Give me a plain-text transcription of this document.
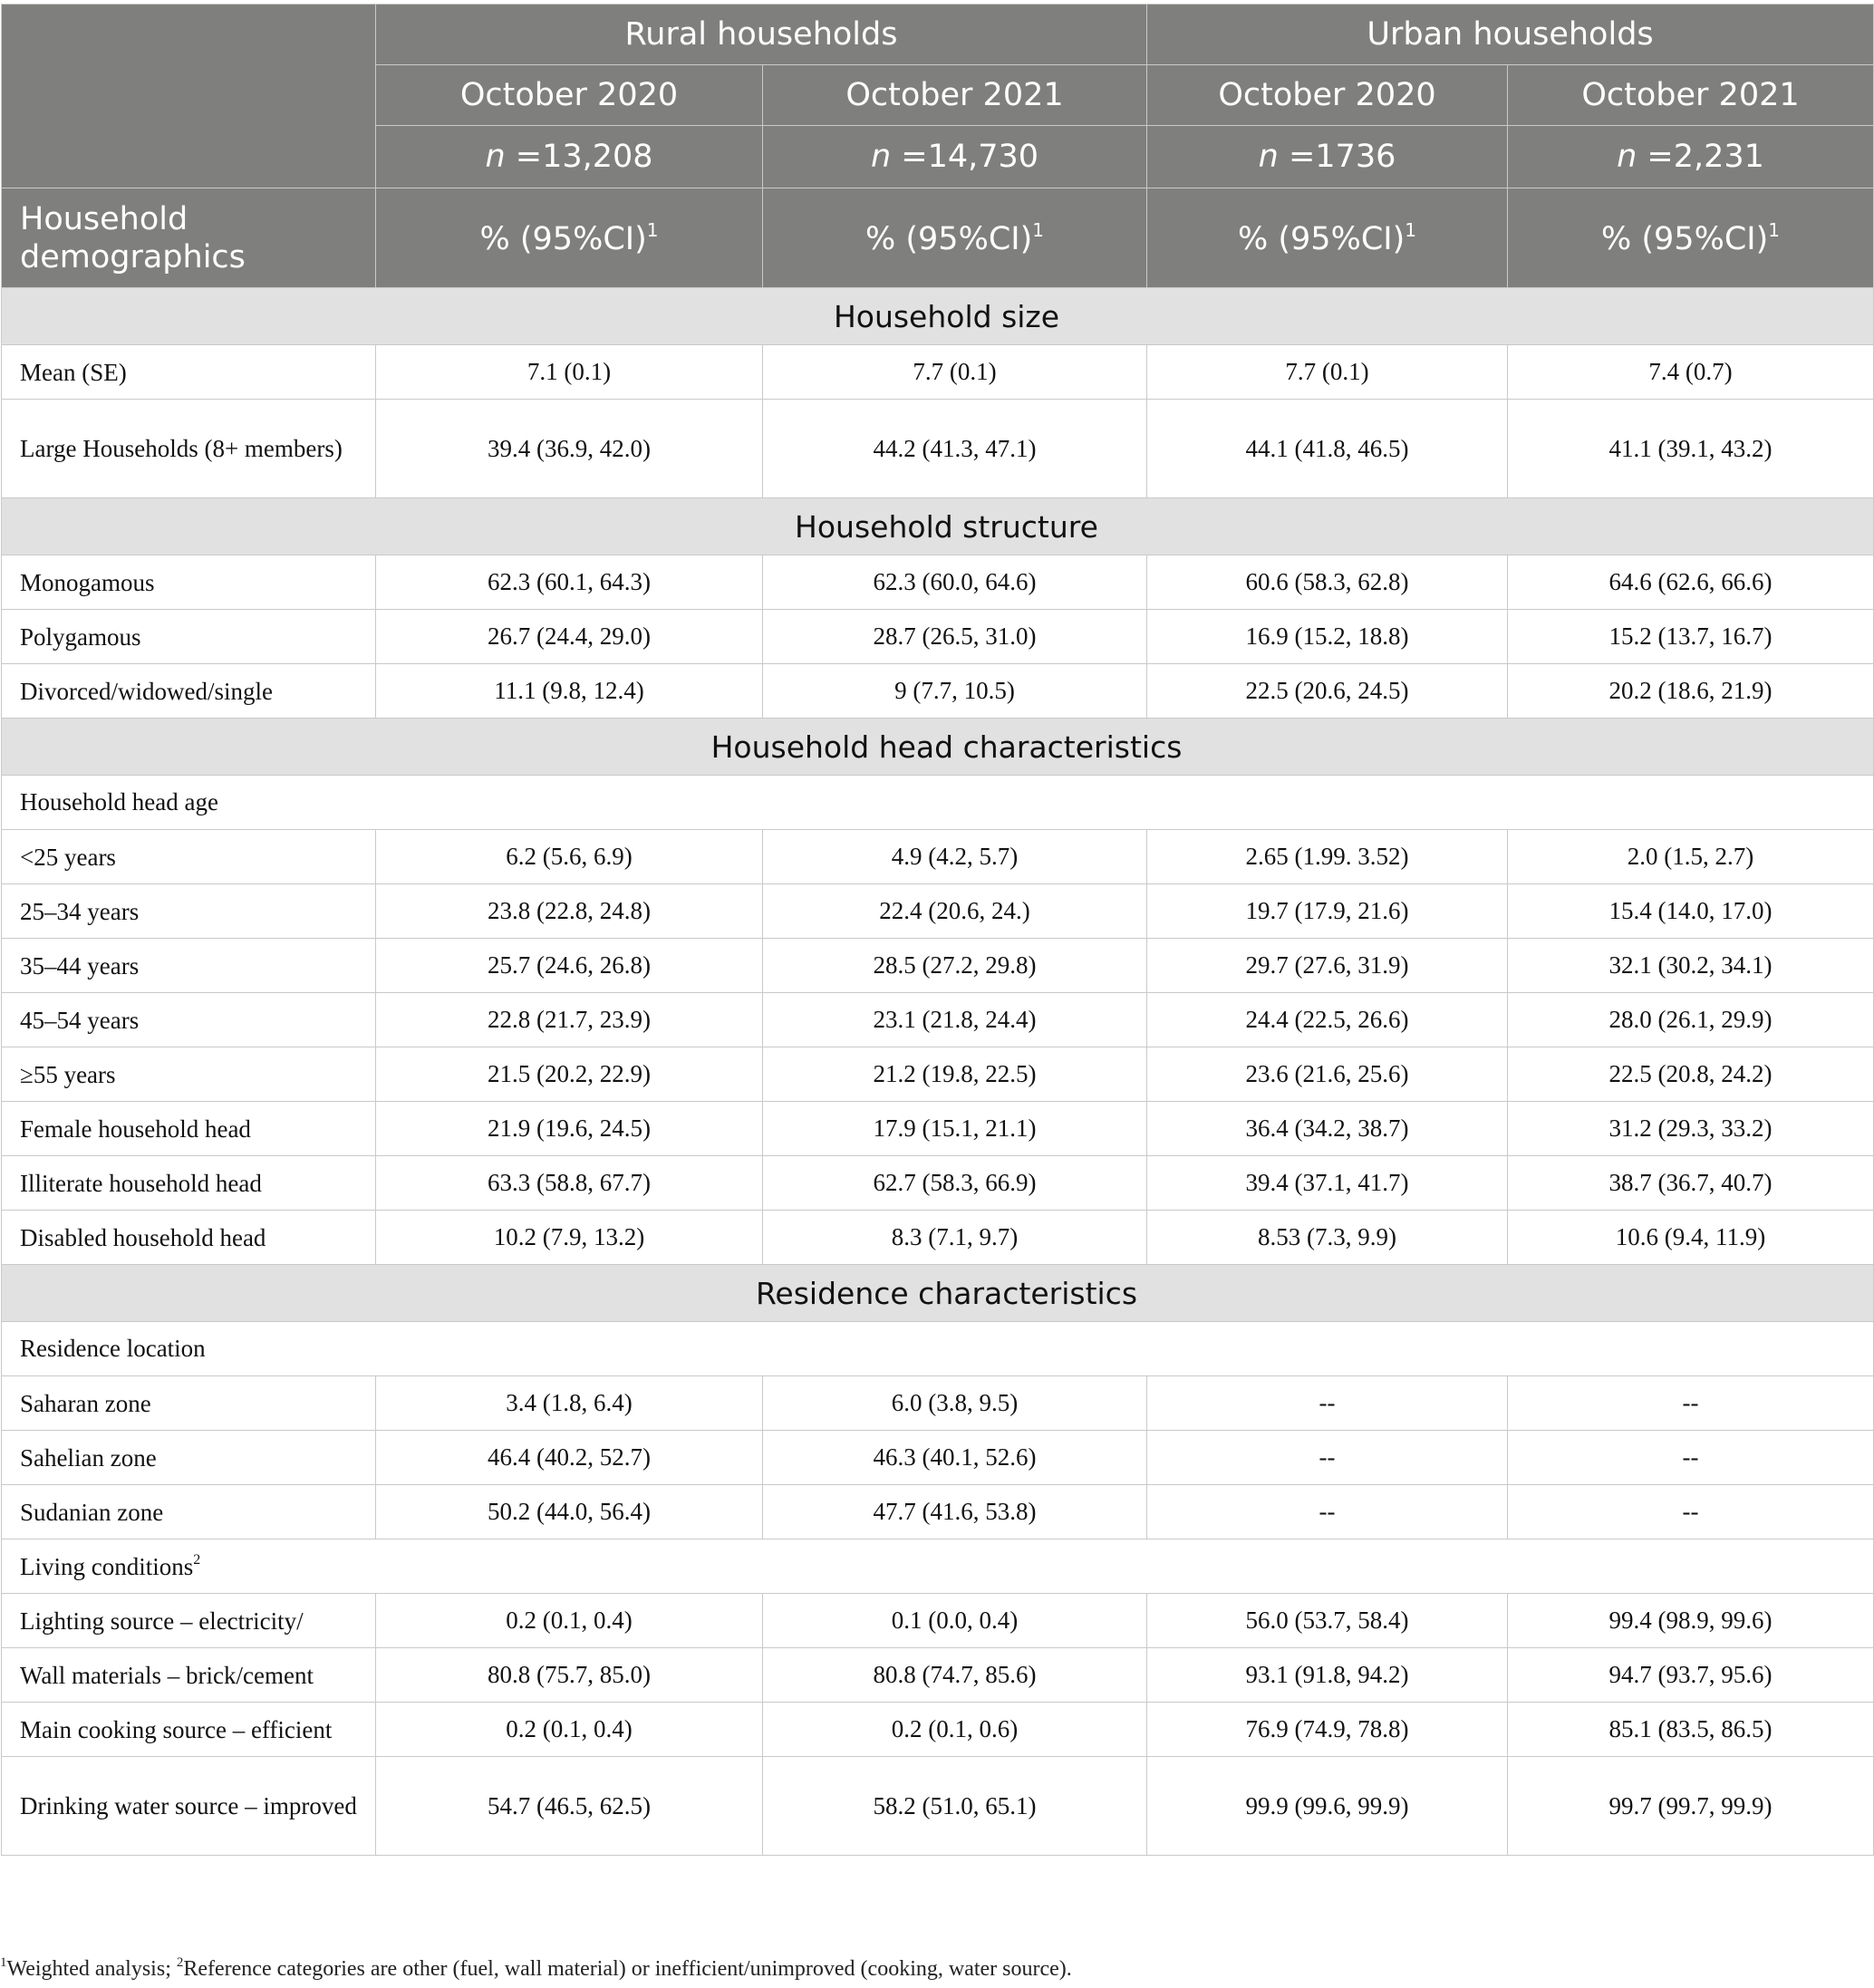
	Rural households		Urban households	
	October 2020	October 2021	October 2020	October 2021
	n =13,208	n =14,730	n =1736	n =2,231
Household demographics	% $(95\%CI)^1$	% $(95\%CI)^1$	% $(95\%CI)^1$	% $(95\%CI)^1$
Household size				
Mean (SE)	7.1 (0.1)	7.7 (0.1)	7.7 (0.1)	7.4 (0.7)
Large Households (8+ members)	39.4 (36.9, 42.0)	44.2 (41.3, 47.1)	44.1 (41.8, 46.5)	41.1 (39.1, 43.2)
Household structure				
Monogamous	62.3 (60.1, 64.3)	62.3 (60.0, 64.6)	60.6 (58.3, 62.8)	64.6 (62.6, 66.6)
Polygamous	26.7 (24.4, 29.0)	28.7 (26.5, 31.0)	16.9 (15.2, 18.8)	15.2 (13.7, 16.7)
Divorced/widowed/single	11.1 (9.8, 12.4)	9 (7.7, 10.5)	22.5 (20.6, 24.5)	20.2 (18.6, 21.9)
Household head characteristics				
Household head age				
<25 years	6.2 (5.6, 6.9)	4.9 (4.2, 5.7)	2.65 (1.99. 3.52)	2.0 (1.5, 2.7)
25–34 years	23.8 (22.8, 24.8)	22.4 (20.6, 24.)	19.7 (17.9, 21.6)	15.4 (14.0, 17.0)
35–44 years	25.7 (24.6, 26.8)	28.5 (27.2, 29.8)	29.7 (27.6, 31.9)	32.1 (30.2, 34.1)
45–54 years	22.8 (21.7, 23.9)	23.1 (21.8, 24.4)	24.4 (22.5, 26.6)	28.0 (26.1, 29.9)
≥55 years	21.5 (20.2, 22.9)	21.2 (19.8, 22.5)	23.6 (21.6, 25.6)	22.5 (20.8, 24.2)
Female household head	21.9 (19.6, 24.5)	17.9 (15.1, 21.1)	36.4 (34.2, 38.7)	31.2 (29.3, 33.2)
Illiterate household head	63.3 (58.8, 67.7)	62.7 (58.3, 66.9)	39.4 (37.1, 41.7)	38.7 (36.7, 40.7)
Disabled household head	10.2 (7.9, 13.2)	8.3 (7.1, 9.7)	8.53 (7.3, 9.9)	10.6 (9.4, 11.9)
Residence characteristics				
Residence location				
Saharan zone	3.4 (1.8, 6.4)	6.0 (3.8, 9.5)	--	--
Sahelian zone	46.4 (40.2, 52.7)	46.3 (40.1, 52.6)	--	--
Sudanian zone	50.2 (44.0, 56.4)	47.7 (41.6, 53.8)	--	--
Living conditions$^2$
Lighting source – electricity/	0.2 (0.1, 0.4)	0.1 (0.0, 0.4)	56.0 (53.7, 58.4)	99.4 (98.9, 99.6)
Wall materials – brick/cement	80.8 (75.7, 85.0)	80.8 (74.7, 85.6)	93.1 (91.8, 94.2)	94.7 (93.7, 95.6)
Main cooking source – efficient	0.2 (0.1, 0.4)	0.2 (0.1, 0.6)	76.9 (74.9, 78.8)	85.1 (83.5, 86.5)
Drinking water source – improved	54.7 (46.5, 62.5)	58.2 (51.0, 65.1)	99.9 (99.6, 99.9)	99.7 (99.7, 99.9)
$^1$Weighted analysis; $^2$Reference categories are other (fuel, wall material) or inefficient/unimproved (cooking, water source).
